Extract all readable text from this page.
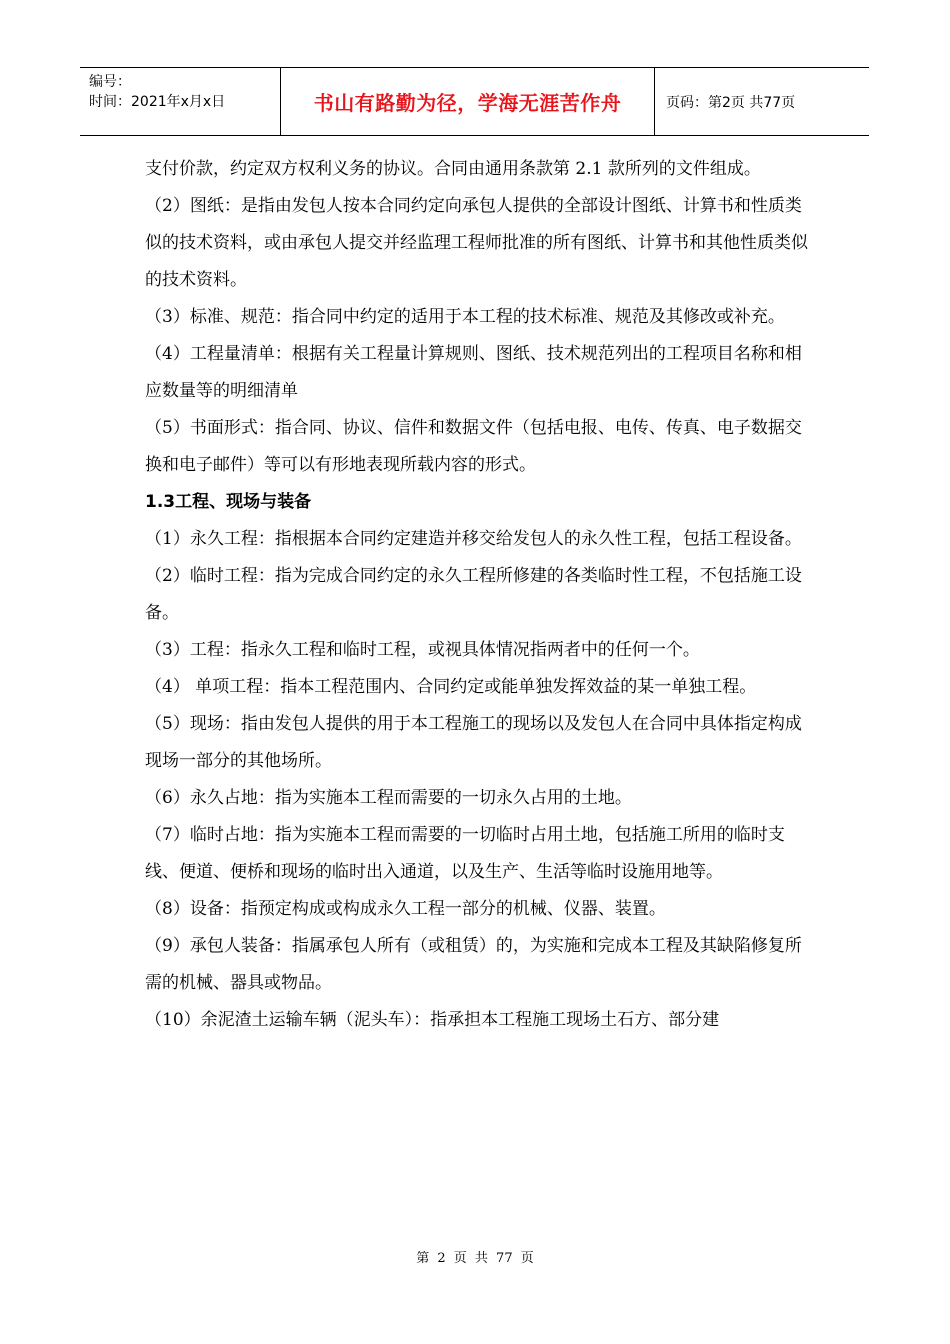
编号：
时间：2021年x月x日	书山有路勤为径，学海无涯苦作舟	页码：第2页 共77页

支付价款，约定双方权利义务的协议。合同由通用条款第 2.1 款所列的文件组成。

（2）图纸：是指由发包人按本合同约定向承包人提供的全部设计图纸、计算书和性质类似的技术资料，或由承包人提交并经监理工程师批准的所有图纸、计算书和其他性质类似的技术资料。

（3）标准、规范：指合同中约定的适用于本工程的技术标准、规范及其修改或补充。

（4）工程量清单：根据有关工程量计算规则、图纸、技术规范列出的工程项目名称和相应数量等的明细清单

（5）书面形式：指合同、协议、信件和数据文件（包括电报、电传、传真、电子数据交换和电子邮件）等可以有形地表现所载内容的形式。

1.3工程、现场与装备

（1）永久工程：指根据本合同约定建造并移交给发包人的永久性工程，包括工程设备。

（2）临时工程：指为完成合同约定的永久工程所修建的各类临时性工程，不包括施工设备。

（3）工程：指永久工程和临时工程，或视具体情况指两者中的任何一个。

（4） 单项工程：指本工程范围内、合同约定或能单独发挥效益的某一单独工程。

（5）现场：指由发包人提供的用于本工程施工的现场以及发包人在合同中具体指定构成现场一部分的其他场所。

（6）永久占地：指为实施本工程而需要的一切永久占用的土地。

（7）临时占地：指为实施本工程而需要的一切临时占用土地，包括施工所用的临时支线、便道、便桥和现场的临时出入通道，以及生产、生活等临时设施用地等。

（8）设备：指预定构成或构成永久工程一部分的机械、仪器、装置。

（9）承包人装备：指属承包人所有（或租赁）的，为实施和完成本工程及其缺陷修复所需的机械、器具或物品。

（10）余泥渣土运输车辆（泥头车）：指承担本工程施工现场土石方、部分建

第 2 页 共 77 页
